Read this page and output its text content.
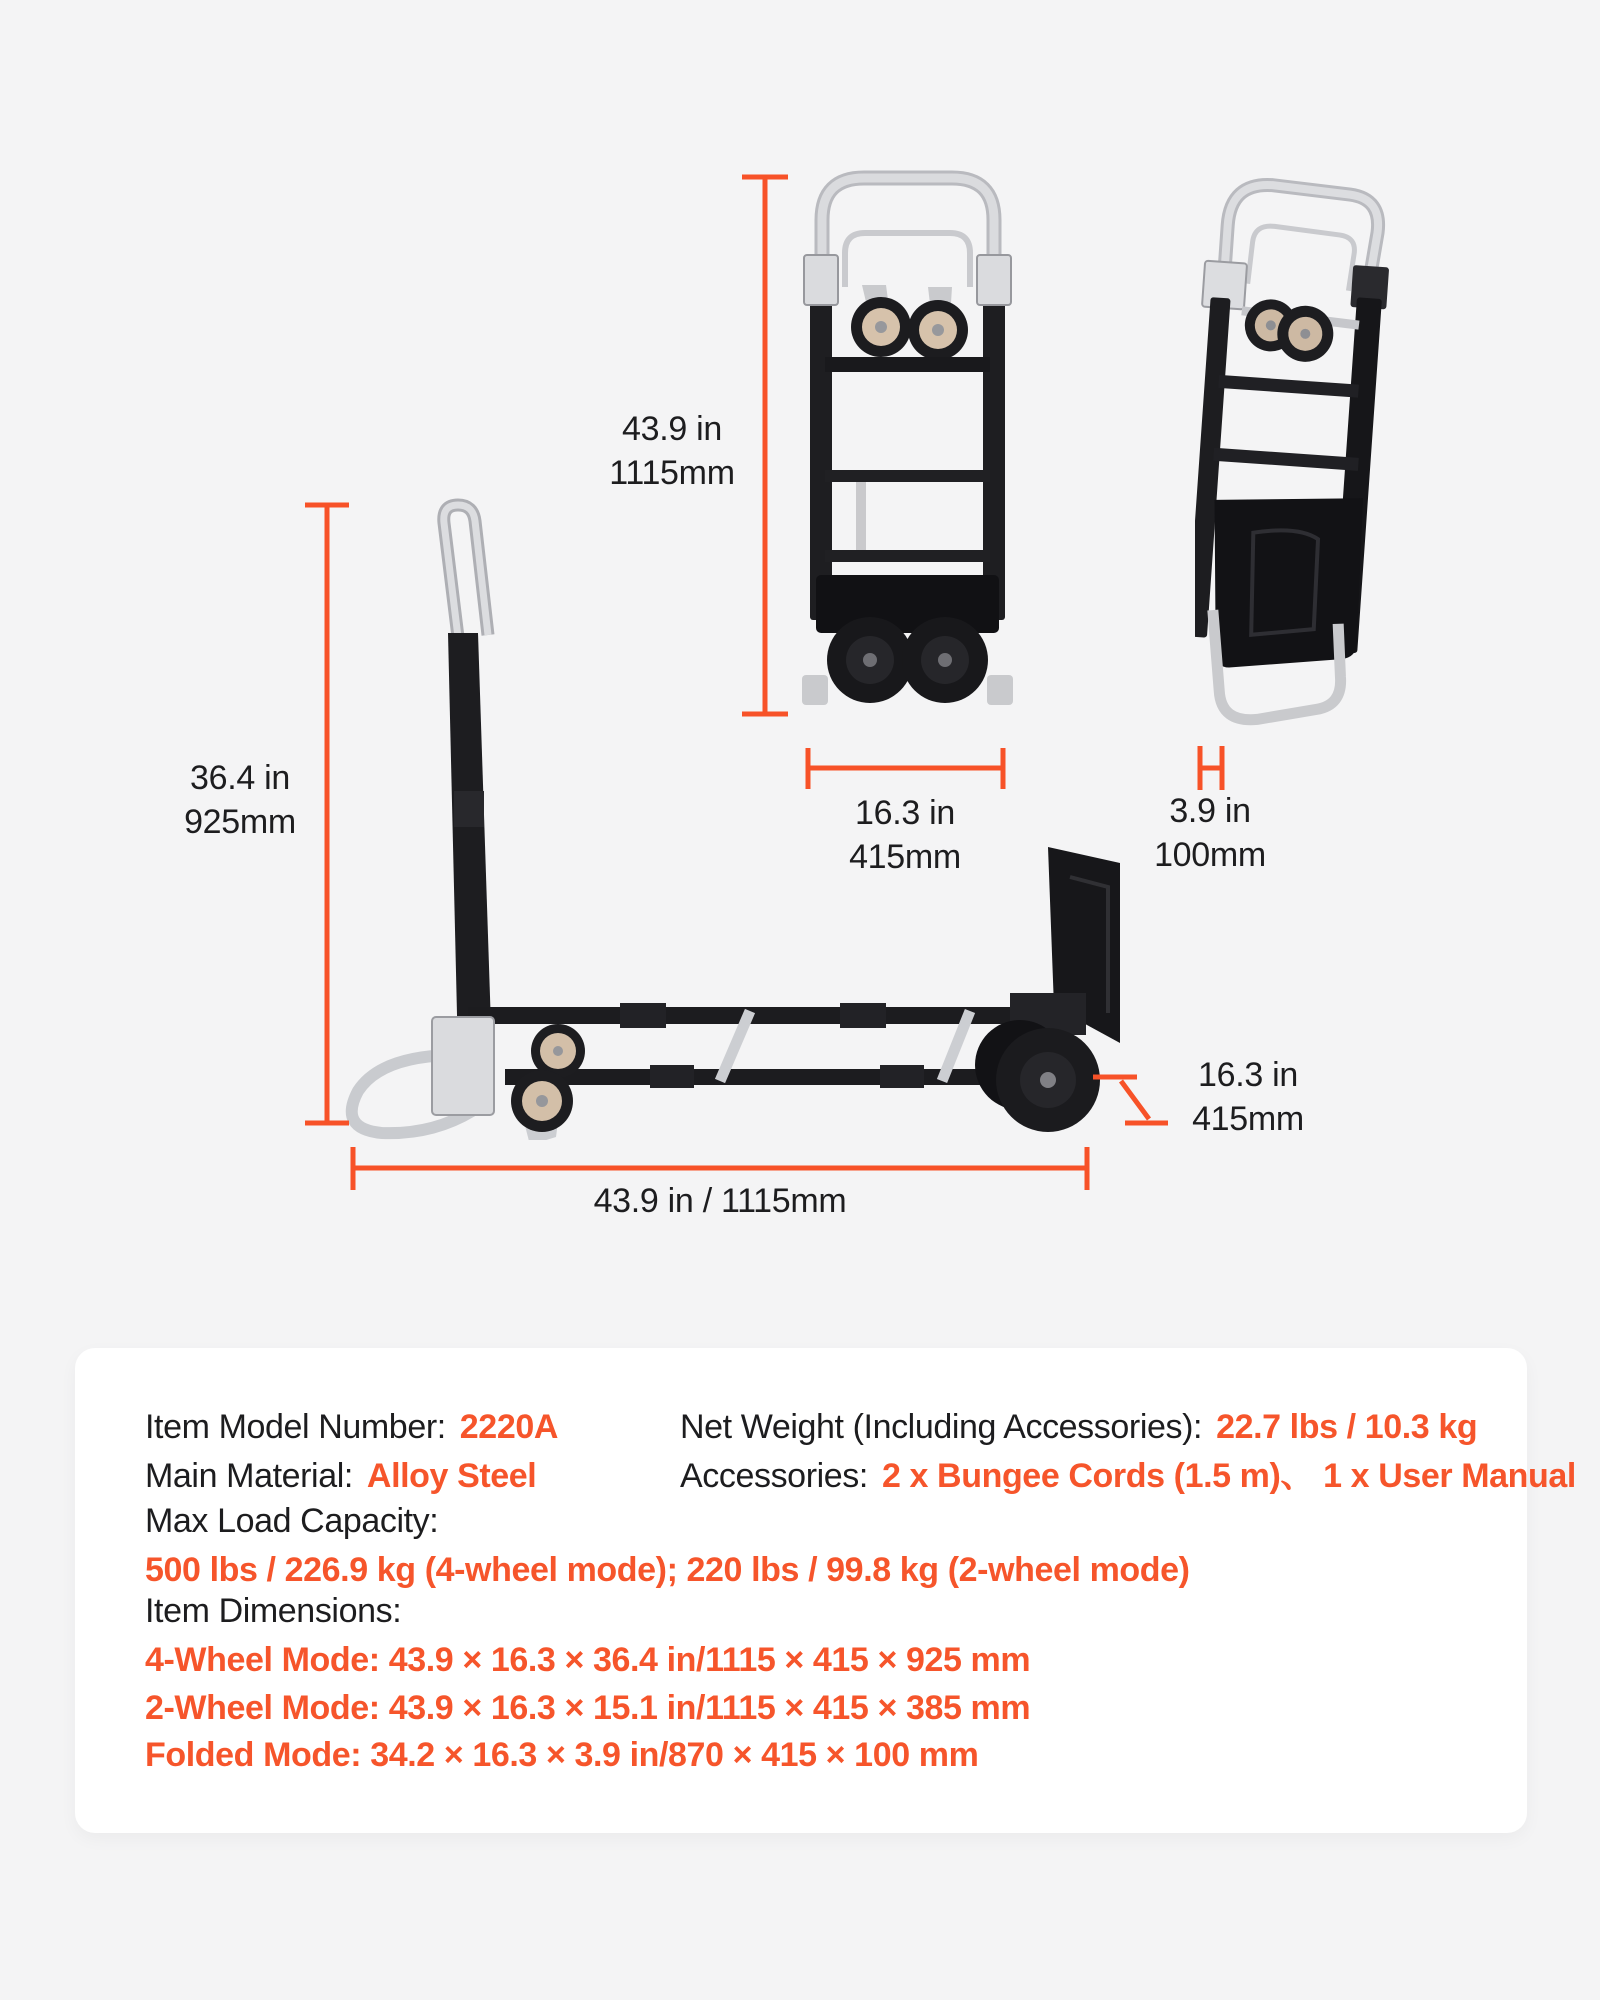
43.9 in
1115mm
16.3 in
415mm
3.9 in
100mm
36.4 in
925mm
16.3 in
415mm
43.9 in / 1115mm
Item Model Number: 2220A	Net Weight (Including Accessories): 22.7 lbs / 10.3 kg
Main Material: Alloy Steel	Accessories: 2 x Bungee Cords (1.5 m)、 1 x User Manual
Max Load Capacity:
500 lbs / 226.9 kg (4-wheel mode); 220 lbs / 99.8 kg (2-wheel mode)
Item Dimensions:
4-Wheel Mode: 43.9 × 16.3 × 36.4 in/1115 × 415 × 925 mm
2-Wheel Mode: 43.9 × 16.3 × 15.1 in/1115 × 415 × 385 mm
Folded Mode: 34.2 × 16.3 × 3.9 in/870 × 415 × 100 mm
